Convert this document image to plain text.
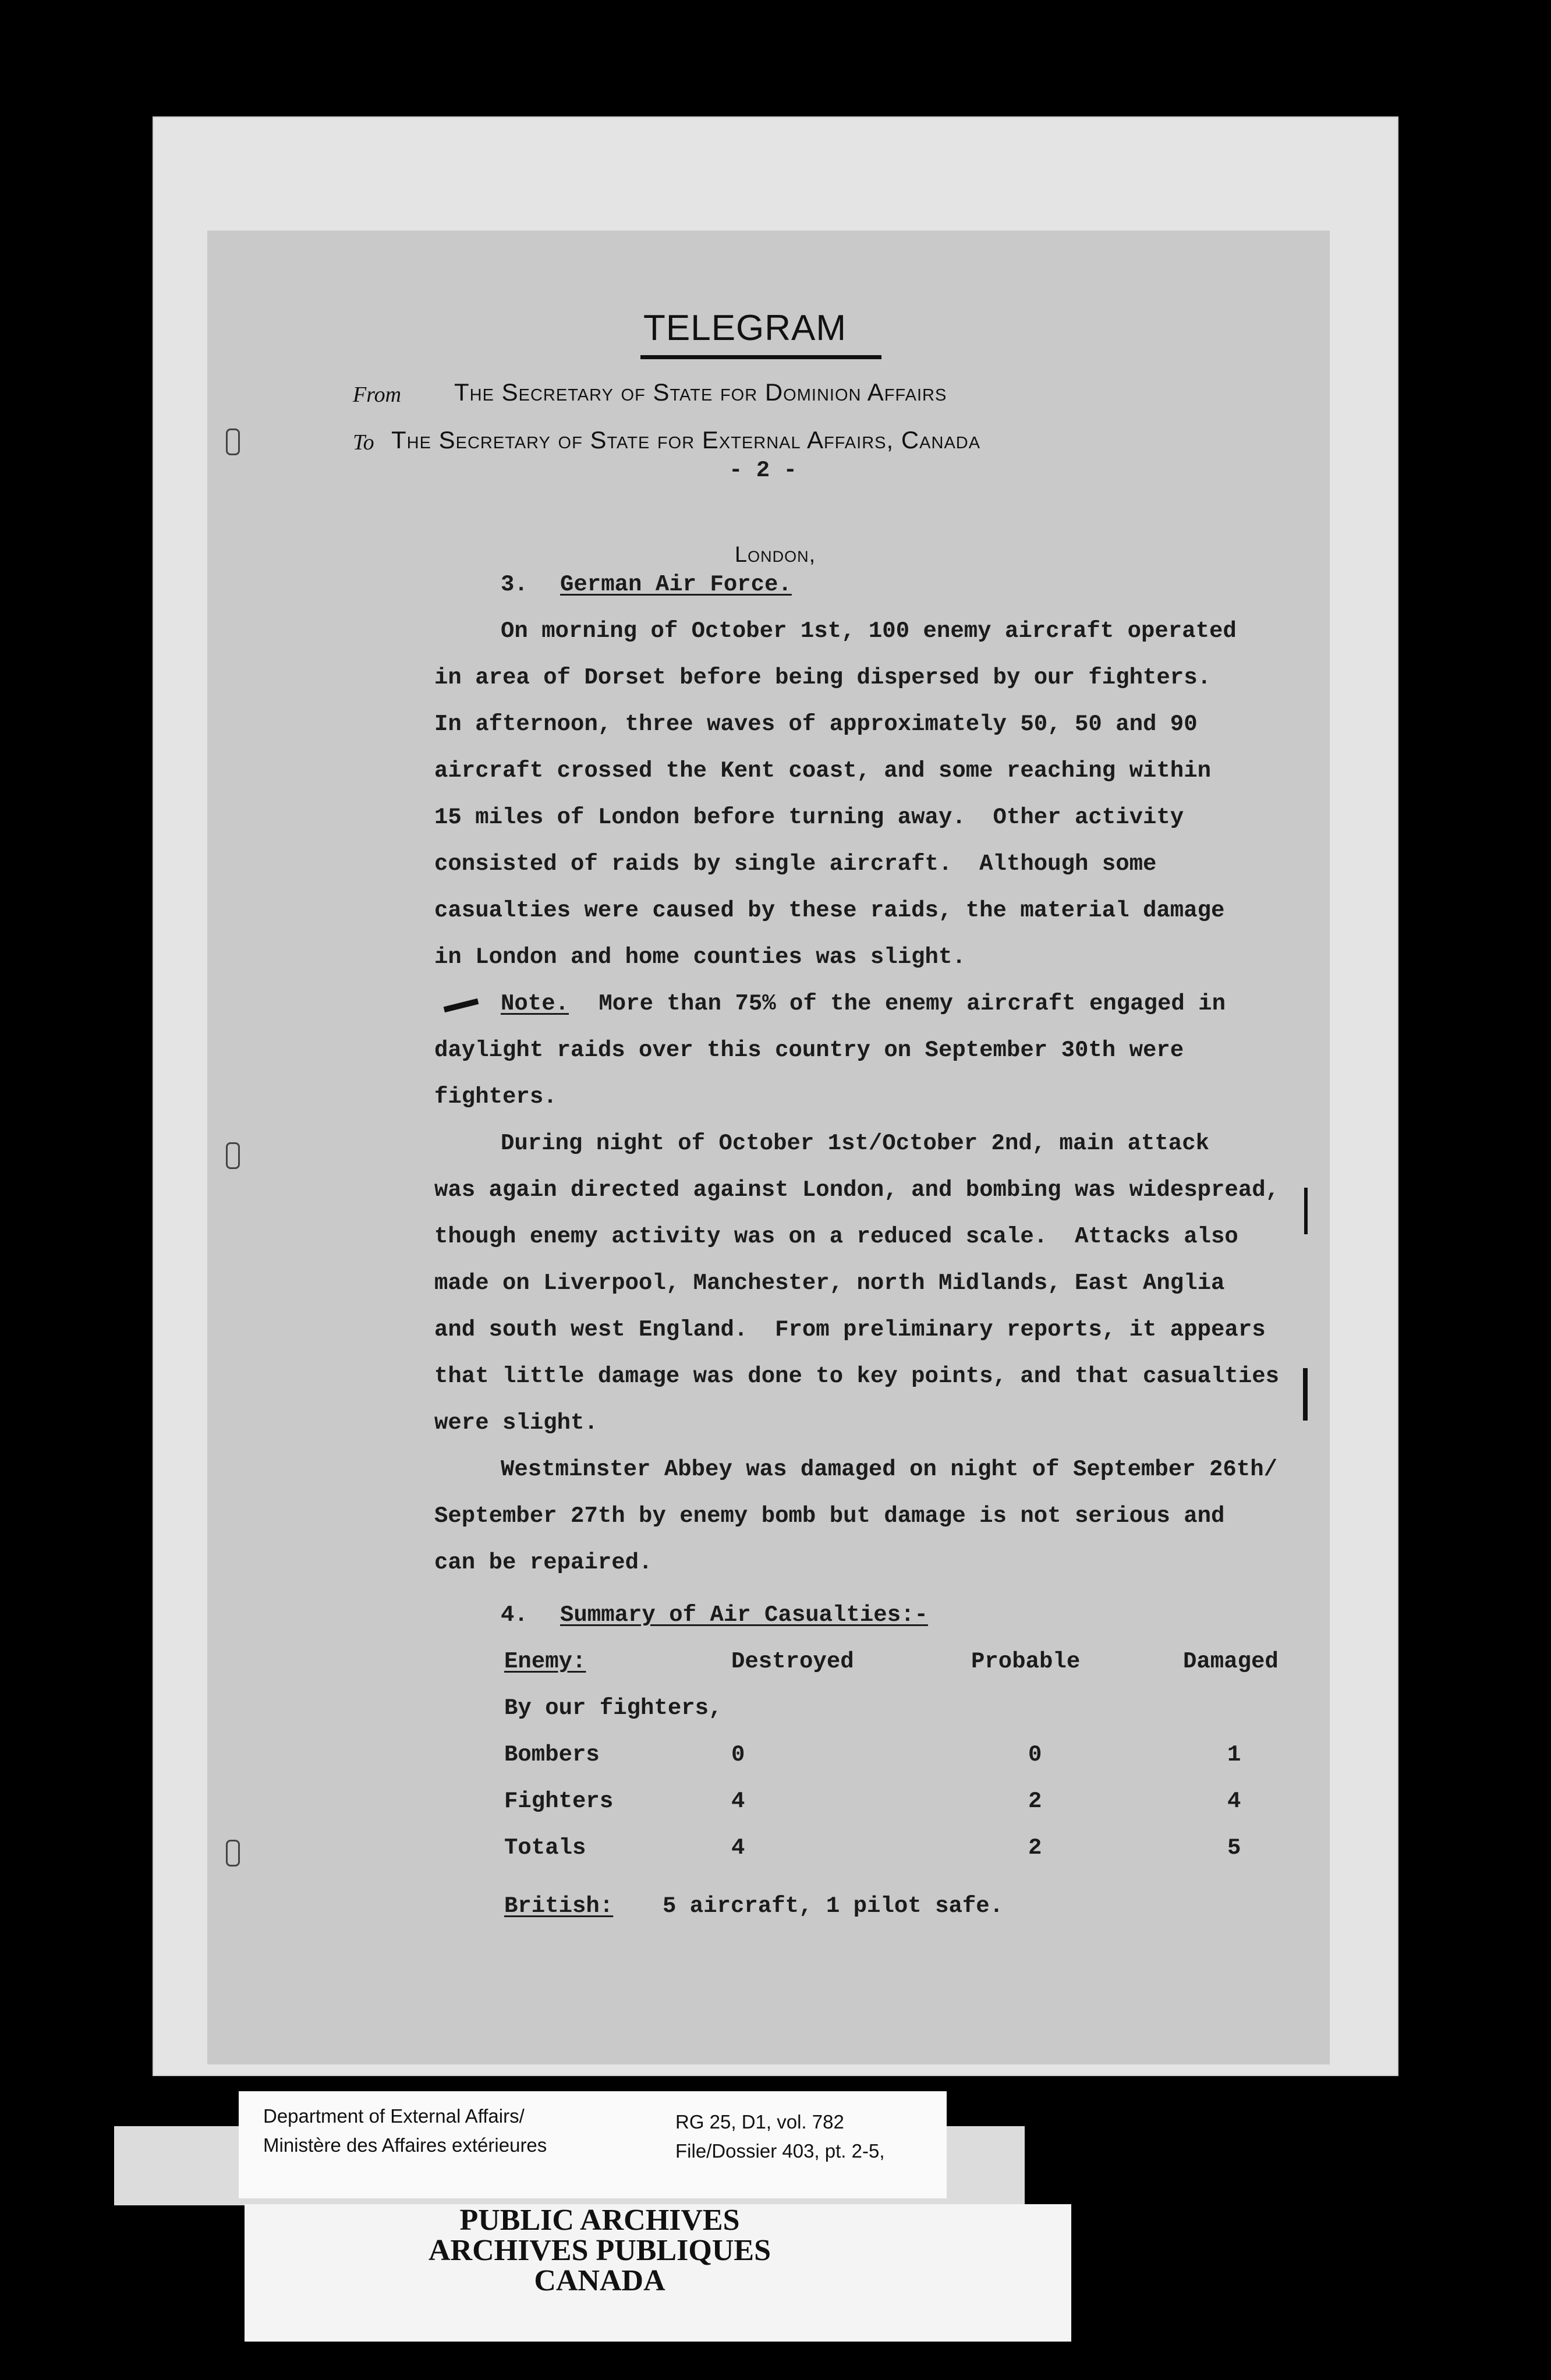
TELEGRAM
From The Secretary of State for Dominion Affairs
To The Secretary of State for External Affairs, Canada
- 2 -
London,
3. German Air Force.
On morning of October 1st, 100 enemy aircraft operated
in area of Dorset before being dispersed by our fighters.
In afternoon, three waves of approximately 50, 50 and 90
aircraft crossed the Kent coast, and some reaching within
15 miles of London before turning away.  Other activity
consisted of raids by single aircraft.  Although some
casualties were caused by these raids, the material damage
in London and home counties was slight.
Note. More than 75% of the enemy aircraft engaged in
daylight raids over this country on September 30th were
fighters.
During night of October 1st/October 2nd, main attack
was again directed against London, and bombing was widespread,
though enemy activity was on a reduced scale.  Attacks also
made on Liverpool, Manchester, north Midlands, East Anglia
and south west England.  From preliminary reports, it appears
that little damage was done to key points, and that casualties
were slight.
Westminster Abbey was damaged on night of September 26th/
September 27th by enemy bomb but damage is not serious and
can be repaired.
4. Summary of Air Casualties:-
Enemy:	Destroyed	Probable	Damaged
By our fighters,
Bombers	0	0	1
Fighters	4	2	4
Totals	4	2	5
British: 5 aircraft, 1 pilot safe.
Department of External Affairs/
Ministère des Affaires extérieures
RG 25, D1, vol. 782
File/Dossier 403, pt. 2-5,
PUBLIC ARCHIVES
ARCHIVES PUBLIQUES
CANADA
